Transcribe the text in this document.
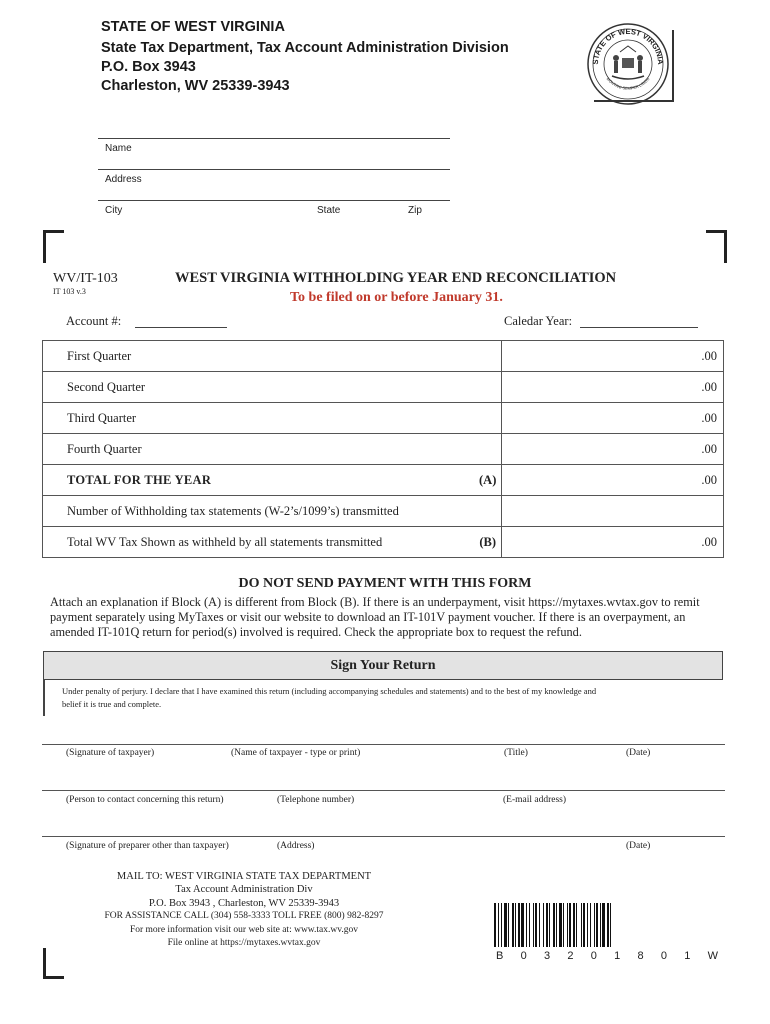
STATE OF WEST VIRGINIA
State Tax Department, Tax Account Administration Division
P.O. Box 3943
Charleston, WV 25339-3943
STATE OF WEST VIRGINIA
MONTANI SEMPER LIBERI
Name
Address
City	State	Zip
WV/IT-103
IT 103 v.3
WEST VIRGINIA WITHHOLDING YEAR END RECONCILIATION
To be filed on or before January 31.
Account #:	Caledar Year:
First Quarter		.00
Second Quarter		.00
Third Quarter		.00
Fourth Quarter		.00
TOTAL FOR THE YEAR	(A)	.00
Number of Withholding tax statements (W-2’s/1099’s) transmitted		
Total WV Tax Shown as withheld by all statements transmitted	(B)	.00
DO NOT SEND PAYMENT WITH THIS FORM
Attach an explanation if Block (A) is different from Block (B). If there is an underpayment, visit https://mytaxes.wvtax.gov to remit
payment separately using MyTaxes or visit our website to download an IT-101V payment voucher. If there is an overpayment, an
amended IT-101Q return for period(s) involved is required. Check the appropriate box to request the refund.
Sign Your Return
Under penalty of perjury. I declare that I have examined this return (including accompanying schedules and statements) and to the best of my knowledge and
belief it is true and complete.
(Signature of taxpayer)	(Name of taxpayer - type or print)	(Title)	(Date)
(Person to contact concerning this return)	(Telephone number)	(E-mail address)
(Signature of preparer other than taxpayer)	(Address)	(Date)
MAIL TO: WEST VIRGINIA STATE TAX DEPARTMENT
Tax Account Administration Div
P.O. Box 3943 , Charleston, WV 25339-3943
FOR ASSISTANCE CALL (304) 558-3333 TOLL FREE (800) 982-8297
For more information visit our web site at: www.tax.wv.gov
File online at https://mytaxes.wvtax.gov
B 0 3 2 0 1 8 0 1 W
